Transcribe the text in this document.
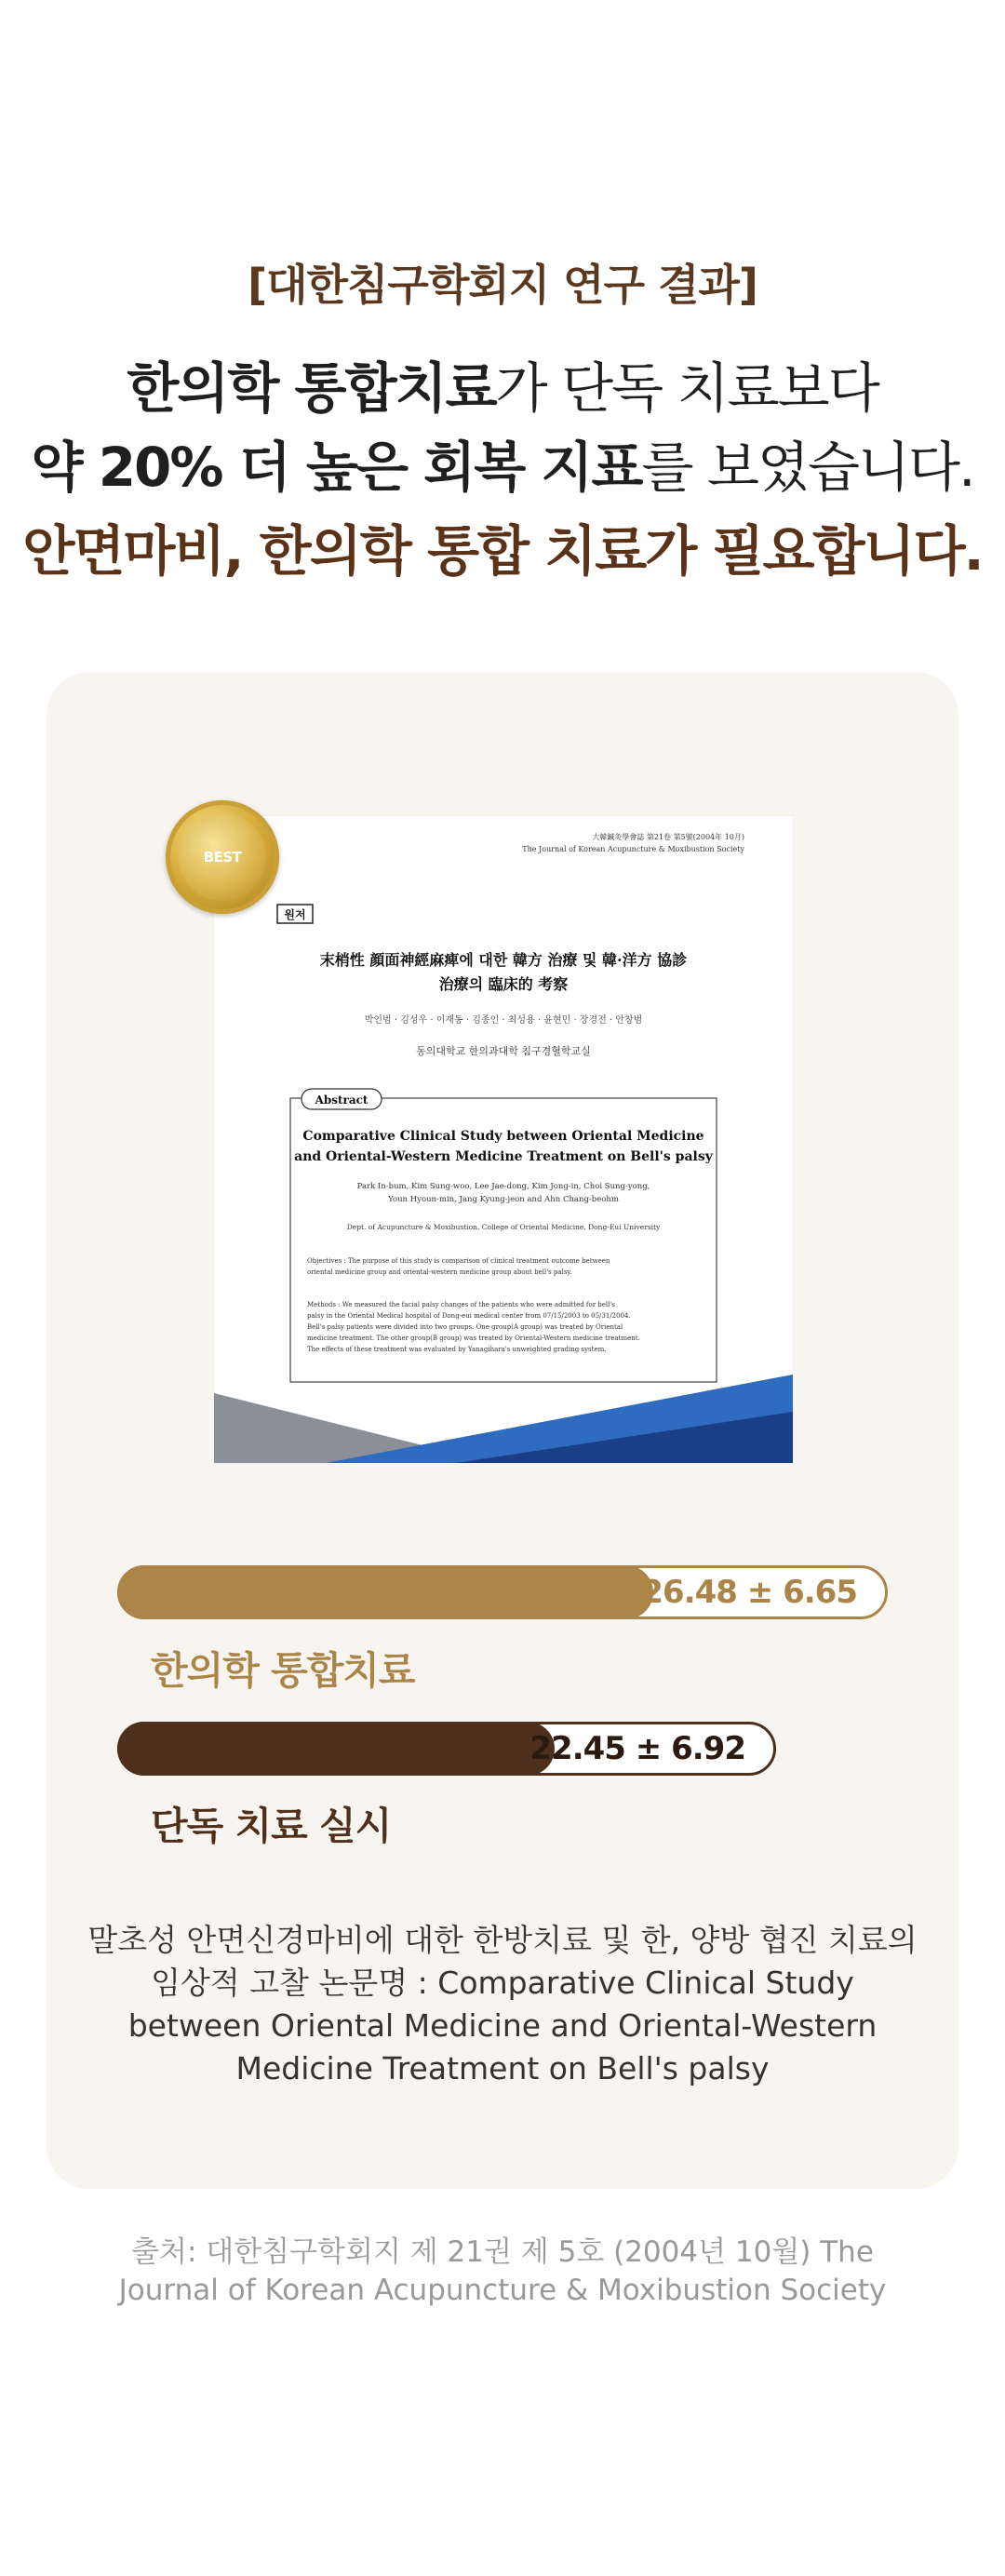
[대한침구학회지 연구 결과]
한의학 통합치료가 단독 치료보다
약 20% 더 높은 회복 지표를 보였습니다.
안면마비, 한의학 통합 치료가 필요합니다.
大韓鍼灸學會誌 第21卷 第5號(2004年 10月)
The Journal of Korean Acupuncture & Moxibustion Society
원저
末梢性 顔面神經麻痺에 대한 韓方 治療 및 韓·洋方 協診
治療의 臨床的 考察
박인범 · 김성우 · 이재동 · 김종인 · 최성용 · 윤현민 · 장경전 · 안창범
동의대학교 한의과대학 침구경혈학교실
Abstract
Comparative Clinical Study between Oriental Medicine
and Oriental-Western Medicine Treatment on Bell's palsy
Park In-bum, Kim Sung-woo, Lee Jae-dong, Kim Jong-in, Choi Sung-yong,
Youn Hyoun-min, Jang Kyung-jeon and Ahn Chang-beohm
Dept. of Acupuncture & Moxibustion, College of Oriental Medicine, Dong-Eui University
Objectives : The purpose of this study is comparison of clinical treatment outcome between
oriental medicine group and oriental-western medicine group about bell's palsy.
Methods : We measured the facial palsy changes of the patients who were admitted for bell's
palsy in the Oriental Medical hospital of Dong-eui medical center from 07/15/2003 to 05/31/2004.
Bell's palsy patients were divided into two groups. One group(A group) was treated by Oriental
medicine treatment. The other group(B group) was treated by Oriental-Western medicine treatment.
The effects of these treatment was evaluated by Yanagihara's unweighted grading system.
BEST
26.48 ± 6.65
한의학 통합치료
22.45 ± 6.92
단독 치료 실시
말초성 안면신경마비에 대한 한방치료 및 한, 양방 협진 치료의
임상적 고찰 논문명 : Comparative Clinical Study
between Oriental Medicine and Oriental-Western
Medicine Treatment on Bell's palsy
출처: 대한침구학회지 제 21권 제 5호 (2004년 10월) The
Journal of Korean Acupuncture & Moxibustion Society
